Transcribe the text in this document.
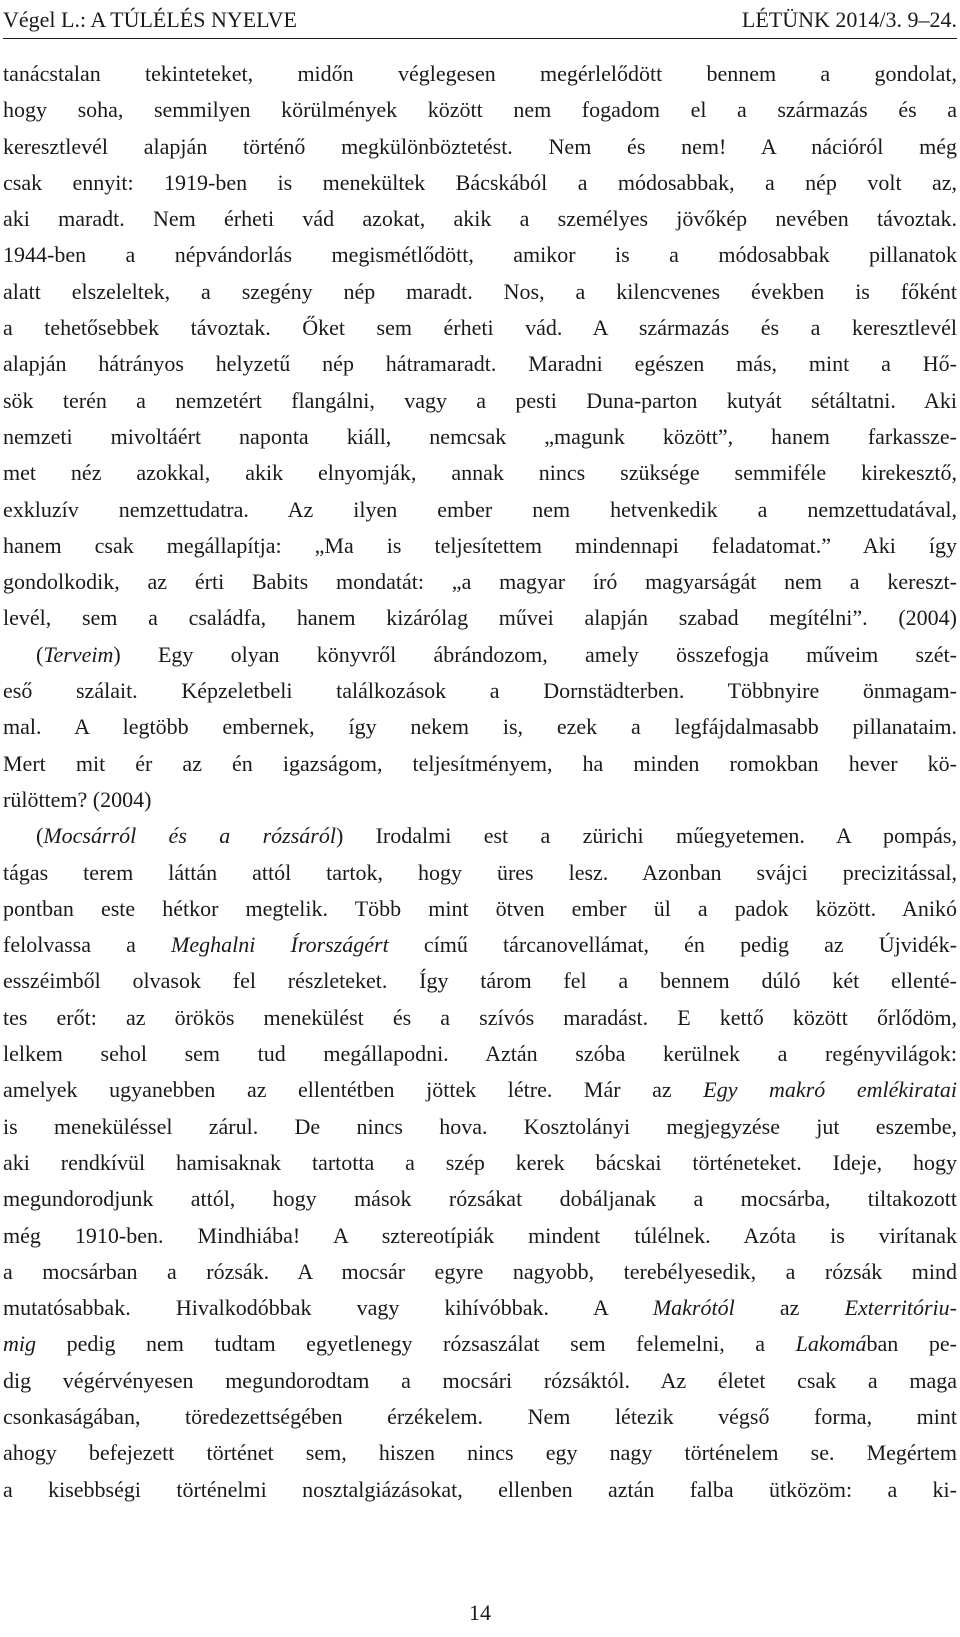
Végel L.: A TÚLÉLÉS NYELVE	LÉTÜNK 2014/3. 9–24.
tanácstalan tekinteteket, midőn véglegesen megérlelődött bennem a gondolat,
hogy soha, semmilyen körülmények között nem fogadom el a származás és a
keresztlevél alapján történő megkülönböztetést. Nem és nem! A nációról még
csak ennyit: 1919-ben is menekültek Bácskából a módosabbak, a nép volt az,
aki maradt. Nem érheti vád azokat, akik a személyes jövőkép nevében távoztak.
1944-ben a népvándorlás megismétlődött, amikor is a módosabbak pillanatok
alatt elszeleltek, a szegény nép maradt. Nos, a kilencvenes években is főként
a tehetősebbek távoztak. Őket sem érheti vád. A származás és a keresztlevél
alapján hátrányos helyzetű nép hátramaradt. Maradni egészen más, mint a Hő-
sök terén a nemzetért flangálni, vagy a pesti Duna-parton kutyát sétáltatni. Aki
nemzeti mivoltáért naponta kiáll, nemcsak „magunk között”, hanem farkassze-
met néz azokkal, akik elnyomják, annak nincs szüksége semmiféle kirekesztő,
exkluzív nemzettudatra. Az ilyen ember nem hetvenkedik a nemzettudatával,
hanem csak megállapítja: „Ma is teljesítettem mindennapi feladatomat.” Aki így
gondolkodik, az érti Babits mondatát: „a magyar író magyarságát nem a kereszt-
levél, sem a családfa, hanem kizárólag művei alapján szabad megítélni”. (2004)
(Terveim) Egy olyan könyvről ábrándozom, amely összefogja műveim szét-
eső szálait. Képzeletbeli találkozások a Dornstädterben. Többnyire önmagam-
mal. A legtöbb embernek, így nekem is, ezek a legfájdalmasabb pillanataim.
Mert mit ér az én igazságom, teljesítményem, ha minden romokban hever kö-
rülöttem? (2004)
(Mocsárról és a rózsáról) Irodalmi est a zürichi műegyetemen. A pompás,
tágas terem láttán attól tartok, hogy üres lesz. Azonban svájci precizitással,
pontban este hétkor megtelik. Több mint ötven ember ül a padok között. Anikó
felolvassa a Meghalni Írországért című tárcanovellámat, én pedig az Újvidék-
esszéimből olvasok fel részleteket. Így tárom fel a bennem dúló két ellenté-
tes erőt: az örökös menekülést és a szívós maradást. E kettő között őrlődöm,
lelkem sehol sem tud megállapodni. Aztán szóba kerülnek a regényvilágok:
amelyek ugyanebben az ellentétben jöttek létre. Már az Egy makró emlékiratai
is meneküléssel zárul. De nincs hova. Kosztolányi megjegyzése jut eszembe,
aki rendkívül hamisaknak tartotta a szép kerek bácskai történeteket. Ideje, hogy
megundorodjunk attól, hogy mások rózsákat dobáljanak a mocsárba, tiltakozott
még 1910-ben. Mindhiába! A sztereotípiák mindent túlélnek. Azóta is virítanak
a mocsárban a rózsák. A mocsár egyre nagyobb, terebélyesedik, a rózsák mind
mutatósabbak. Hivalkodóbbak vagy kihívóbbak. A Makrótól az Exterritóriu-
mig pedig nem tudtam egyetlenegy rózsaszálat sem felemelni, a Lakomában pe-
dig végérvényesen megundorodtam a mocsári rózsáktól. Az életet csak a maga
csonkaságában, töredezettségében érzékelem. Nem létezik végső forma, mint
ahogy befejezett történet sem, hiszen nincs egy nagy történelem se. Megértem
a kisebbségi történelmi nosztalgiázásokat, ellenben aztán falba ütközöm: a ki-
14
